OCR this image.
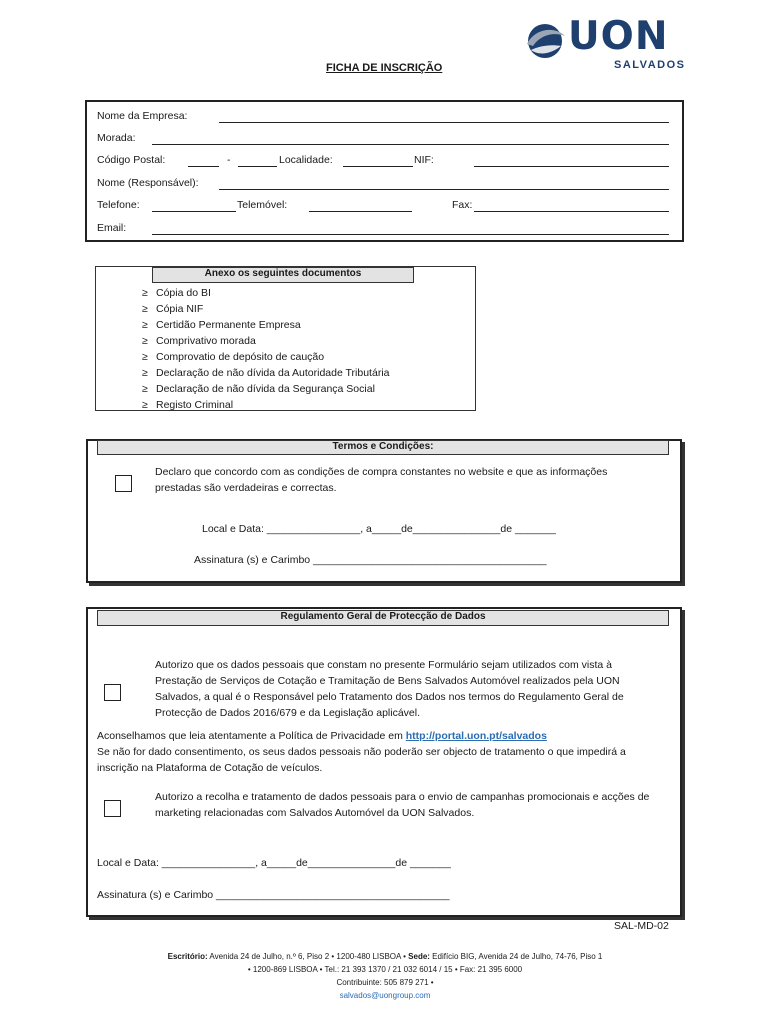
UON
SALVADOS
FICHA DE INSCRIÇÃO
Nome da Empresa:
Morada:
Código Postal:	-	Localidade:	NIF:
Nome (Responsável):
Telefone:	Telemóvel:	Fax:
Email:
Anexo os seguintes documentos
≥ Cópia do BI
≥ Cópia NIF
≥ Certidão Permanente Empresa
≥ Comprivativo morada
≥ Comprovatio de depósito de caução
≥ Declaração de não dívida da Autoridade Tributária
≥ Declaração de não dívida da Segurança Social
≥ Registo Criminal
Termos e Condições:
Declaro que concordo com as condições de compra constantes no website e que as informações
prestadas são verdadeiras e correctas.
Local e Data: ________________, a_____de_______________de _______
Assinatura (s) e Carimbo ________________________________________
Regulamento Geral de Protecção de Dados
Autorizo que os dados pessoais que constam no presente Formulário sejam utilizados com vista à
Prestação de Serviços de Cotação e Tramitação de Bens Salvados Automóvel realizados pela UON
Salvados, a qual é o Responsável pelo Tratamento dos Dados nos termos do Regulamento Geral de
Protecção de Dados 2016/679 e da Legislação aplicável.
Aconselhamos que leia atentamente a Política de Privacidade em http://portal.uon.pt/salvados
Se não for dado consentimento, os seus dados pessoais não poderão ser objecto de tratamento o que impedirá a
inscrição na Plataforma de Cotação de veículos.
Autorizo a recolha e tratamento de dados pessoais para o envio de campanhas promocionais e acções de
marketing relacionadas com Salvados Automóvel da UON Salvados.
Local e Data: ________________, a_____de_______________de _______
Assinatura (s) e Carimbo ________________________________________
SAL-MD-02
Escritório: Avenida 24 de Julho, n.º 6, Piso 2 • 1200-480 LISBOA • Sede: Edifício BIG, Avenida 24 de Julho, 74-76, Piso 1
• 1200-869 LISBOA • Tel.: 21 393 1370 / 21 032 6014 / 15 • Fax: 21 395 6000
Contribuinte: 505 879 271 •
salvados@uongroup.com
